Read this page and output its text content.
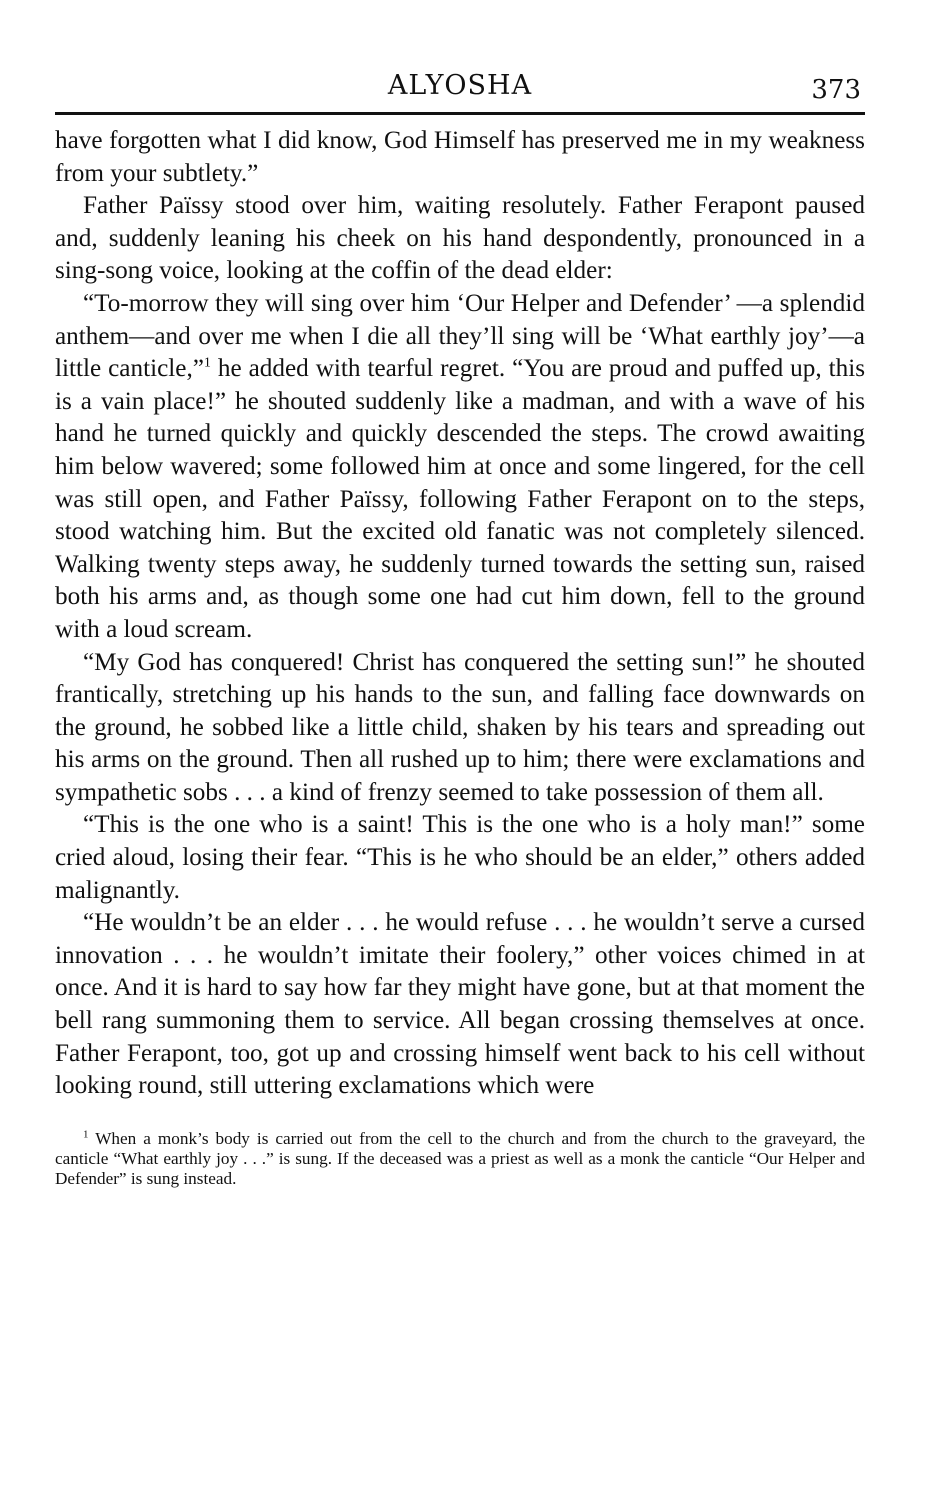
ALYOSHA	373

have forgotten what I did know, God Himself has preserved me in my weakness from your subtlety.”

Father Païssy stood over him, waiting resolutely. Father Ferapont paused and, suddenly leaning his cheek on his hand despondently, pronounced in a sing-song voice, looking at the coffin of the dead elder:

“To-morrow they will sing over him ‘Our Helper and Defender’ —a splendid anthem—and over me when I die all they’ll sing will be ‘What earthly joy’—a little canticle,”$^1$ he added with tearful regret. “You are proud and puffed up, this is a vain place!” he shouted suddenly like a madman, and with a wave of his hand he turned quickly and quickly descended the steps. The crowd awaiting him below wavered; some followed him at once and some lingered, for the cell was still open, and Father Païssy, following Father Ferapont on to the steps, stood watching him. But the excited old fanatic was not completely silenced. Walking twenty steps away, he suddenly turned towards the setting sun, raised both his arms and, as though some one had cut him down, fell to the ground with a loud scream.

“My God has conquered! Christ has conquered the setting sun!” he shouted frantically, stretching up his hands to the sun, and falling face downwards on the ground, he sobbed like a little child, shaken by his tears and spreading out his arms on the ground. Then all rushed up to him; there were exclamations and sympathetic sobs . . . a kind of frenzy seemed to take possession of them all.

“This is the one who is a saint! This is the one who is a holy man!” some cried aloud, losing their fear. “This is he who should be an elder,” others added malignantly.

“He wouldn’t be an elder . . . he would refuse . . . he wouldn’t serve a cursed innovation . . . he wouldn’t imitate their foolery,” other voices chimed in at once. And it is hard to say how far they might have gone, but at that moment the bell rang summoning them to service. All began crossing themselves at once. Father Ferapont, too, got up and crossing himself went back to his cell without looking round, still uttering exclamations which were

$^1$ When a monk’s body is carried out from the cell to the church and from the church to the graveyard, the canticle “What earthly joy . . .” is sung. If the deceased was a priest as well as a monk the canticle “Our Helper and Defender” is sung instead.
